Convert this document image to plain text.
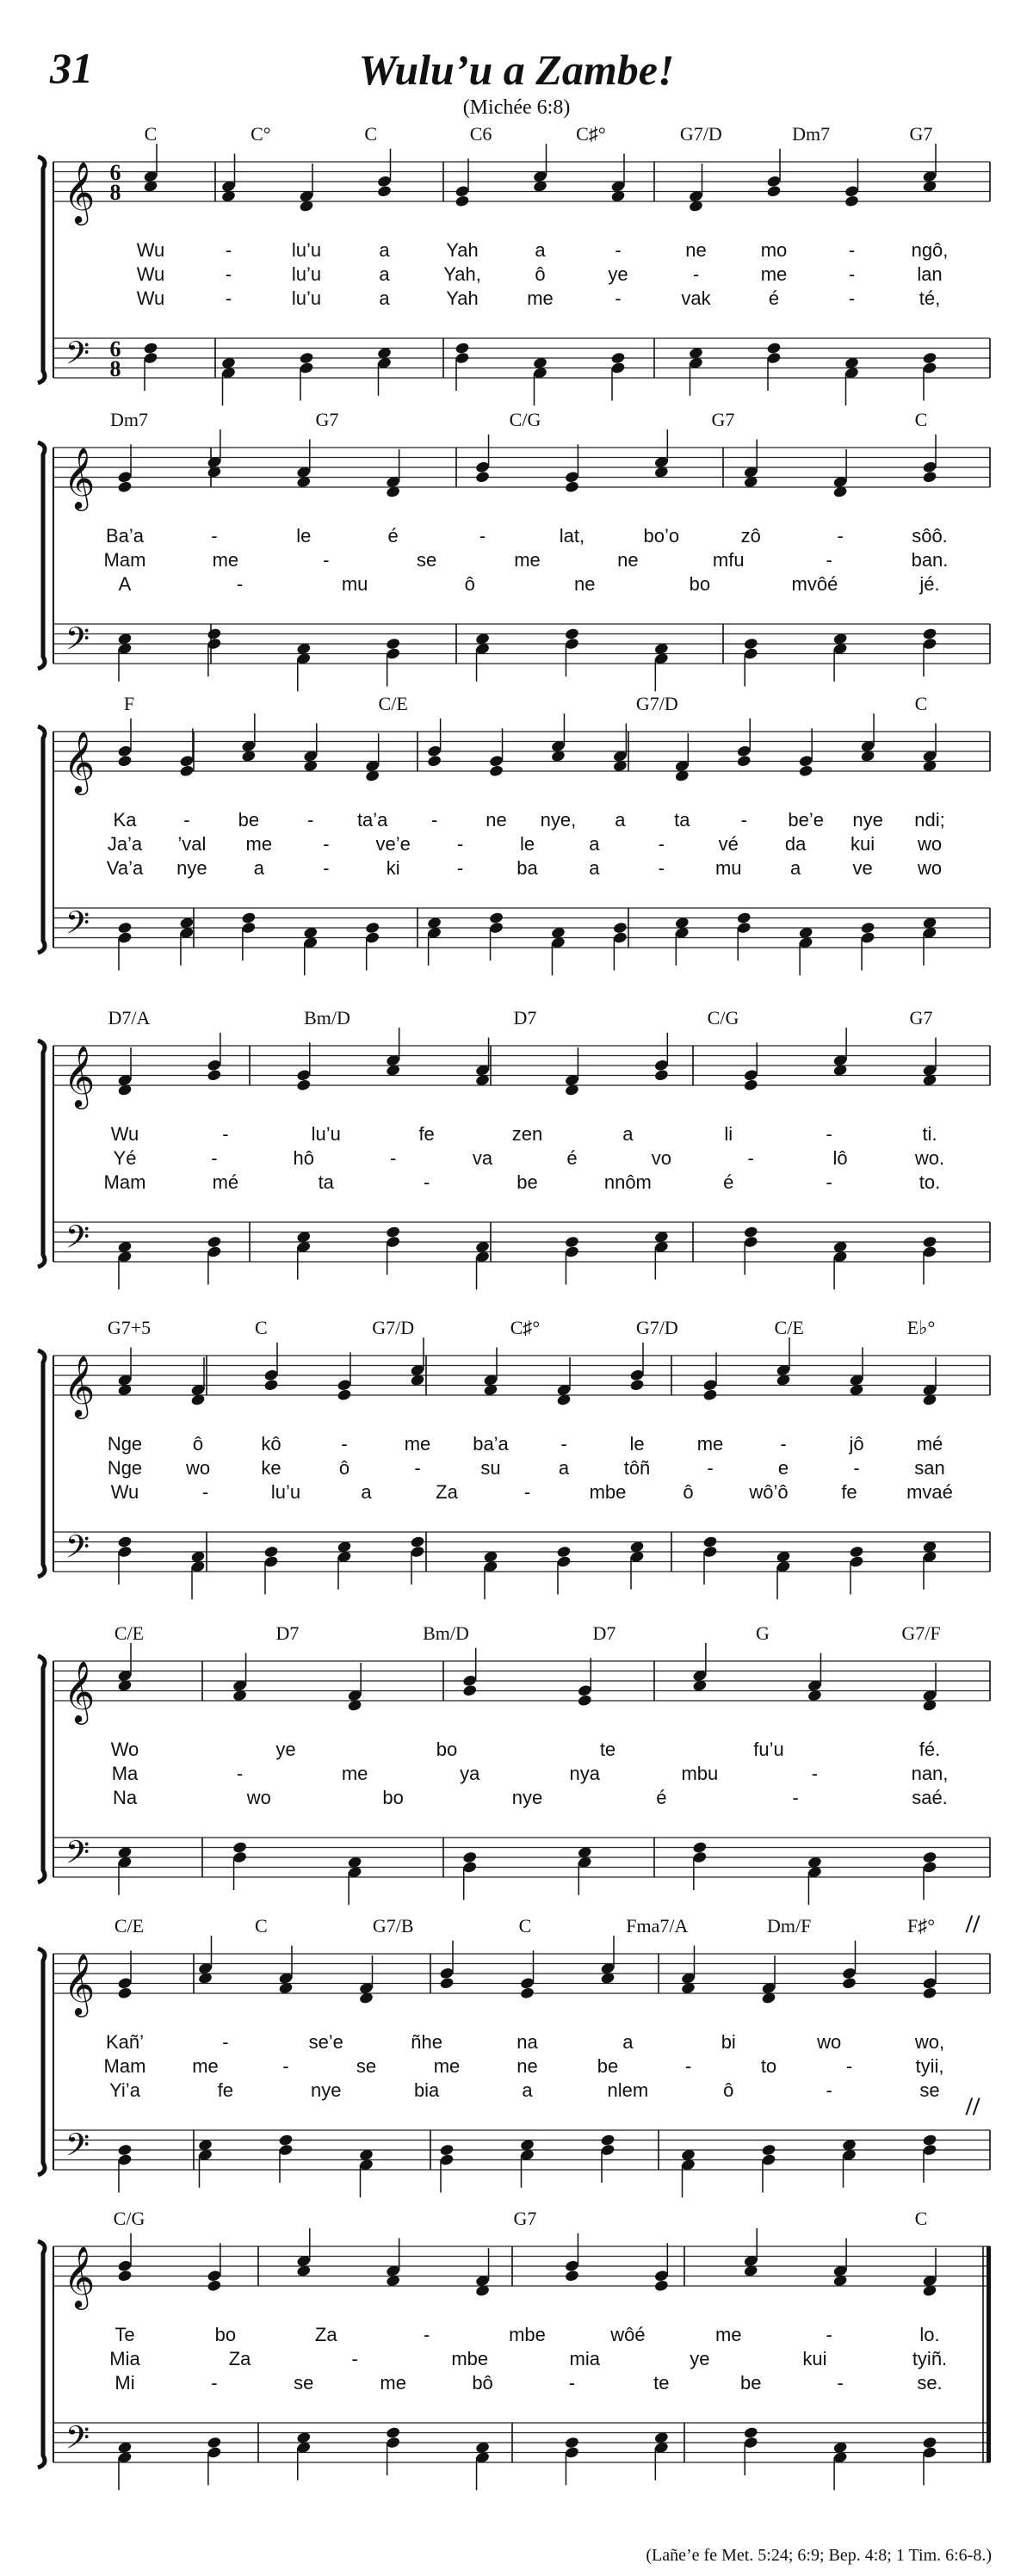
31	Wulu’u a Zambe!
(Michée 6:8)
𝄞
𝄢
6
8
6
8
Wu	-	lu’u	a	Yah	a	-	ne	mo	-	ngô,
Wu	-	lu’u	a	Yah,	ô	ye	-	me	-	lan
Wu	-	lu’u	a	Yah	me	-	vak	é	-	té,
C	C°	C	C6	C♯°	G7/D	Dm7	G7
𝄞
𝄢
Ba’a	-	le	é	-	lat,	bo’o	zô	-	sôô.
Mam	me	-	se	me	ne	mfu	-	ban.
A	-	mu	ô	ne	bo	mvôé	jé.
Dm7	G7	C/G	G7	C
𝄞
𝄢
Ka -	be	- ta’a -	ne nye, a	ta	- be’e nye ndi;
Ja’a ’val me	- ve’e -	le	a	-	vé da kui wo
Va’a nye a	-	ki	-	ba	a	-	mu	a	ve wo
F	C/E	G7/D	C
𝄞
𝄢
Wu	-	lu’u	fe	zen	a	li	-	ti.
Yé	-	hô	-	va	é	vo	-	lô	wo.
Mam	mé	ta	-	be	nnôm	é	-	to.
D7/A	Bm/D	D7	C/G	G7
𝄞
𝄢
Nge	ô	kô	-	me ba’a	-	le	me	-	jô	mé
Nge wo	ke	ô	-	su	a	tôñ	-	e	-	san
Wu	-	lu’u	a	Za	-	mbe	ô	wô’ô	fe	mvaé
G7+5	C	G7/D	C♯°	G7/D	C/E	E♭°
𝄞
𝄢
Wo	ye	bo	te	fu’u	fé.
Ma	-	me	ya	nya	mbu	-	nan,
Na	wo	bo	nye	é	-	saé.
C/E	D7	Bm/D	D7	G	G7/F
𝄞
𝄢
Kañ’	-	se’e	ñhe	na	a	bi	wo	wo,
Mam me	-	se	me	ne	be	-	to	-	tyii,
Yi’a	fe	nye	bia	a	nlem	ô	-	se
C/E	C	G7/B	C	Fma7/A	Dm/F	F♯° //
//
𝄞
𝄢
Te	bo	Za	-	mbe	wôé	me	-	lo.
Mia	Za	-	mbe	mia	ye	kui	tyiñ.
Mi	-	se	me	bô	-	te	be	-	se.
C/G	G7	C
(Lañe’e fe Met. 5:24; 6:9; Bep. 4:8; 1 Tim. 6:6-8.)
